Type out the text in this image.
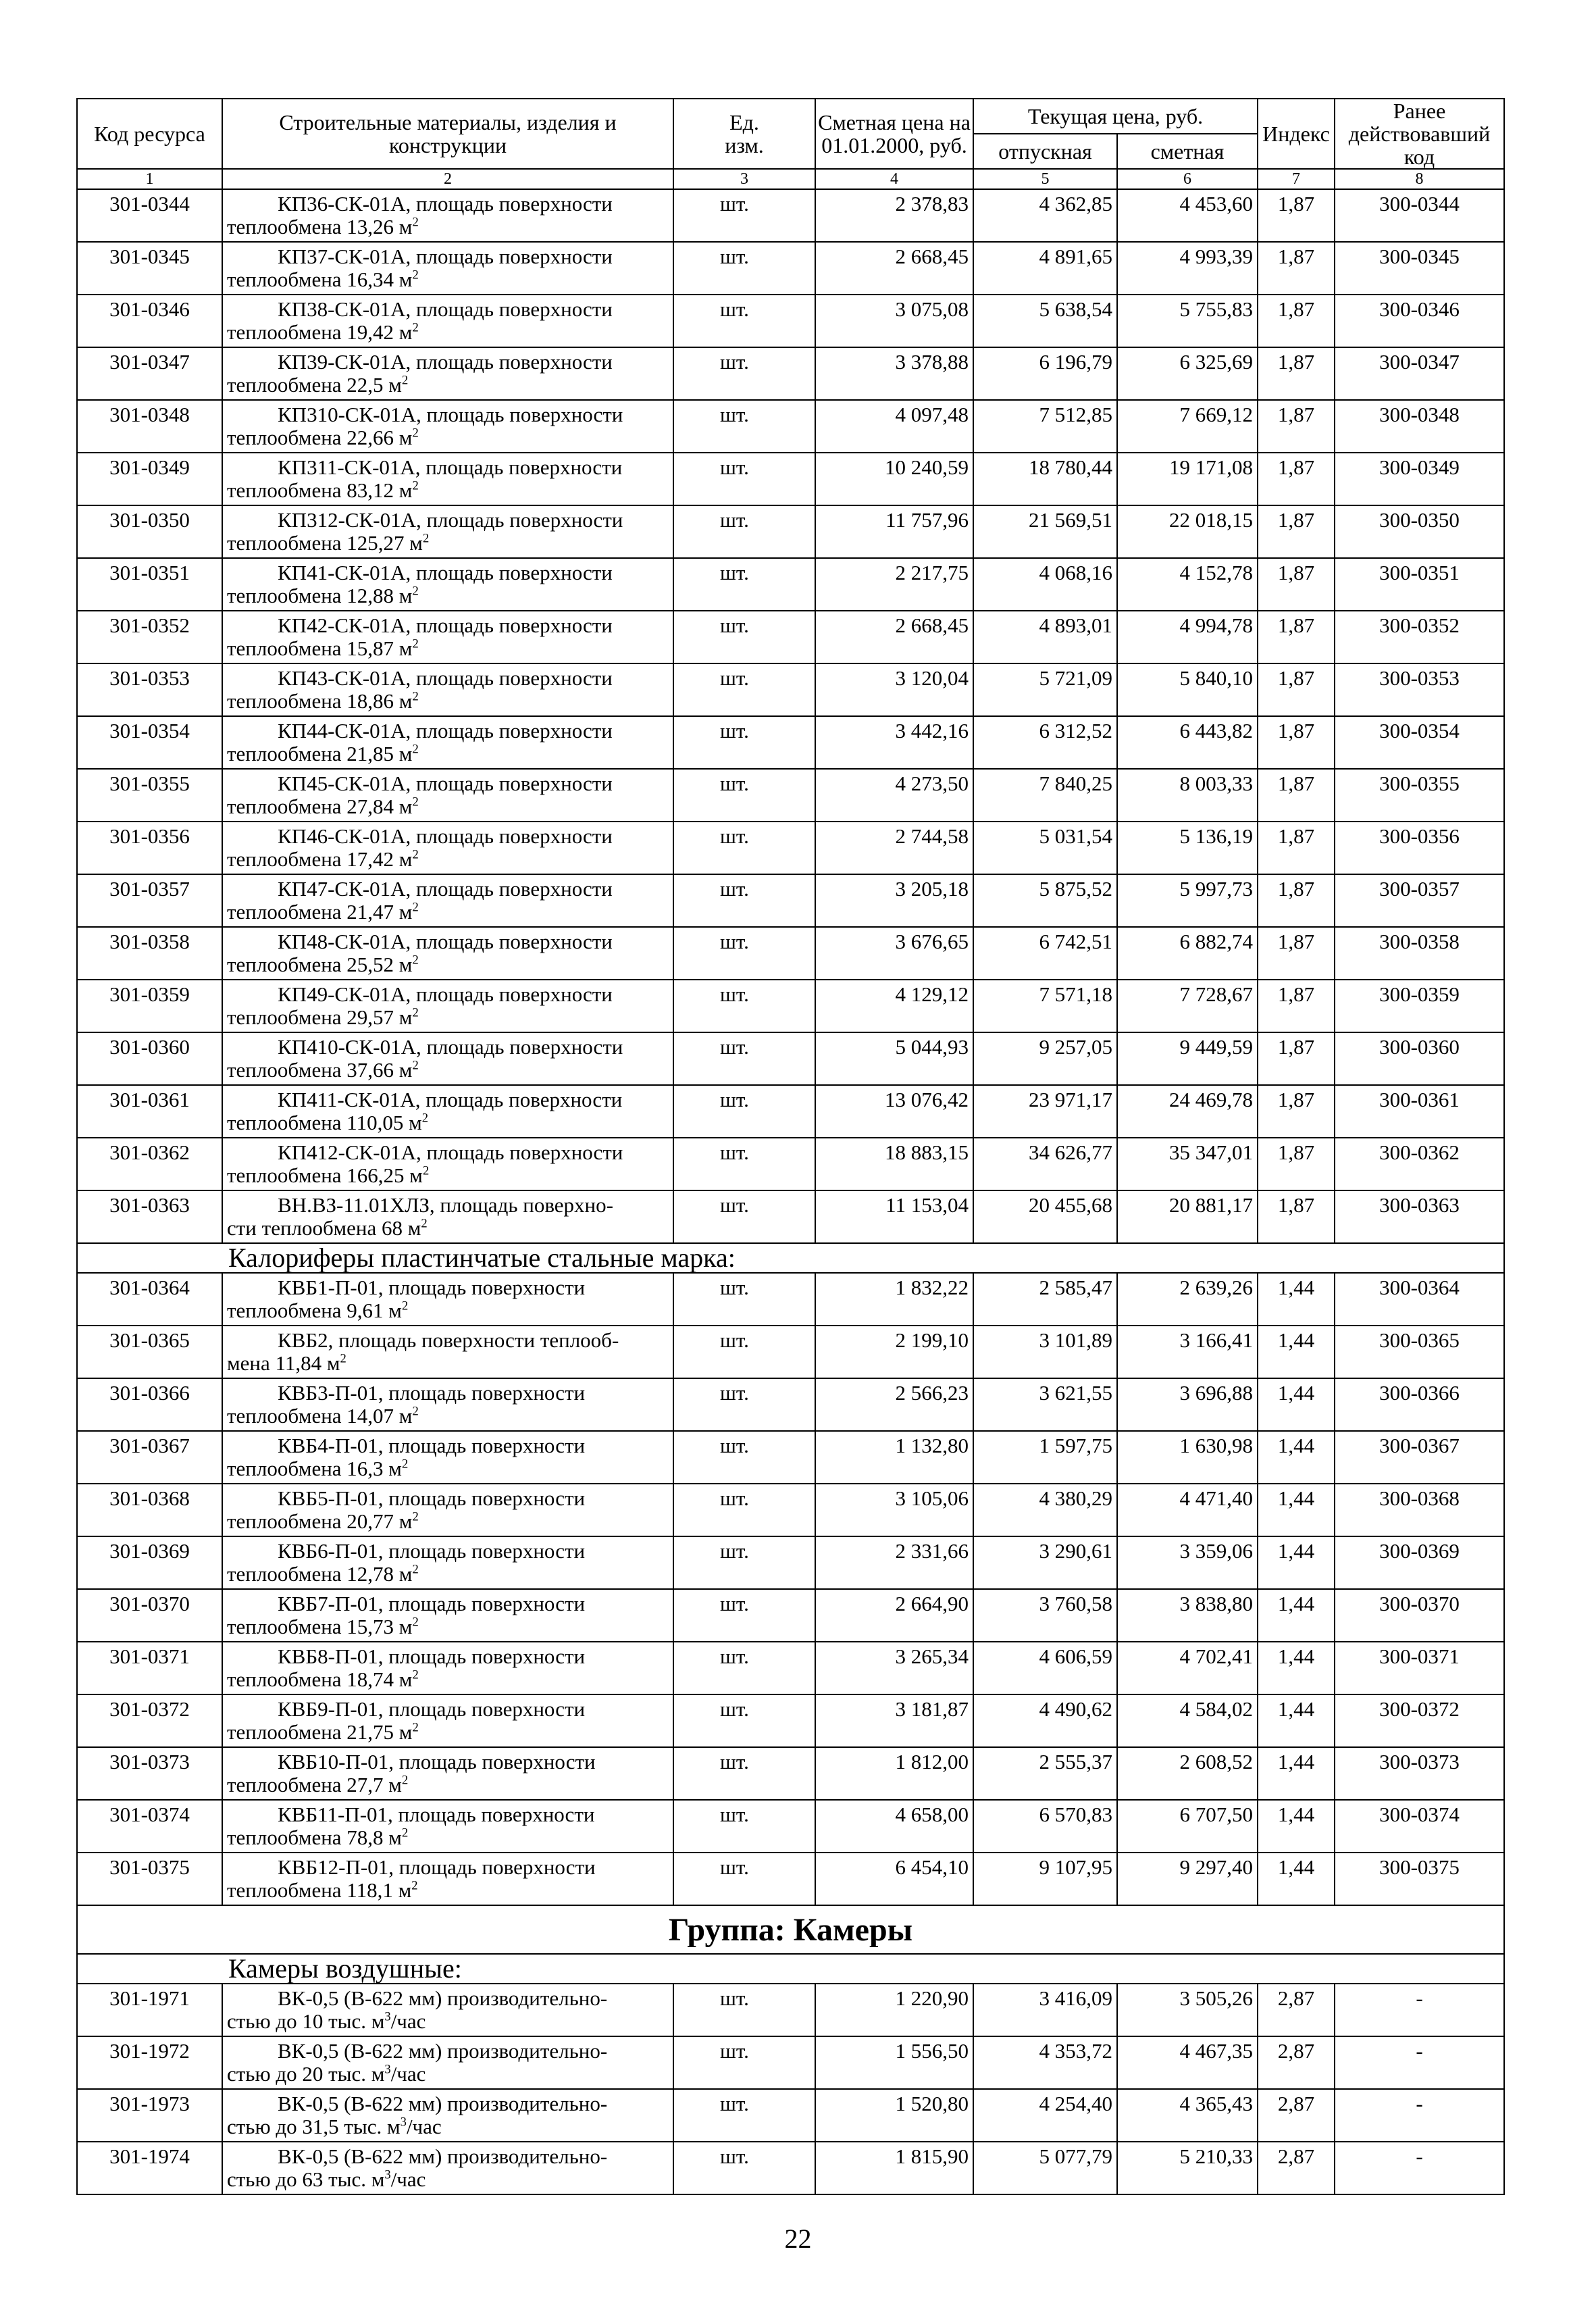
Код ресурса	Строительные материалы, изделия и конструкции	Ед. изм.	Сметная цена на 01.01.2000, руб.	Текущая цена, руб.		Индекс	Ранее действовавший код
				отпускная	сметная		
1	2	3	4	5	6	7	8
301-0344	КП36-СК-01А, площадь поверхности
теплообмена 13,26 $м^2$	шт.	2 378,83	4 362,85	4 453,60	1,87	300-0344
301-0345	КП37-СК-01А, площадь поверхности
теплообмена 16,34 $м^2$	шт.	2 668,45	4 891,65	4 993,39	1,87	300-0345
301-0346	КП38-СК-01А, площадь поверхности
теплообмена 19,42 $м^2$	шт.	3 075,08	5 638,54	5 755,83	1,87	300-0346
301-0347	КП39-СК-01А, площадь поверхности
теплообмена 22,5 $м^2$	шт.	3 378,88	6 196,79	6 325,69	1,87	300-0347
301-0348	КП310-СК-01А, площадь поверхности
теплообмена 22,66 $м^2$	шт.	4 097,48	7 512,85	7 669,12	1,87	300-0348
301-0349	КП311-СК-01А, площадь поверхности
теплообмена 83,12 $м^2$	шт.	10 240,59	18 780,44	19 171,08	1,87	300-0349
301-0350	КП312-СК-01А, площадь поверхности
теплообмена 125,27 $м^2$	шт.	11 757,96	21 569,51	22 018,15	1,87	300-0350
301-0351	КП41-СК-01А, площадь поверхности
теплообмена 12,88 $м^2$	шт.	2 217,75	4 068,16	4 152,78	1,87	300-0351
301-0352	КП42-СК-01А, площадь поверхности
теплообмена 15,87 $м^2$	шт.	2 668,45	4 893,01	4 994,78	1,87	300-0352
301-0353	КП43-СК-01А, площадь поверхности
теплообмена 18,86 $м^2$	шт.	3 120,04	5 721,09	5 840,10	1,87	300-0353
301-0354	КП44-СК-01А, площадь поверхности
теплообмена 21,85 $м^2$	шт.	3 442,16	6 312,52	6 443,82	1,87	300-0354
301-0355	КП45-СК-01А, площадь поверхности
теплообмена 27,84 $м^2$	шт.	4 273,50	7 840,25	8 003,33	1,87	300-0355
301-0356	КП46-СК-01А, площадь поверхности
теплообмена 17,42 $м^2$	шт.	2 744,58	5 031,54	5 136,19	1,87	300-0356
301-0357	КП47-СК-01А, площадь поверхности
теплообмена 21,47 $м^2$	шт.	3 205,18	5 875,52	5 997,73	1,87	300-0357
301-0358	КП48-СК-01А, площадь поверхности
теплообмена 25,52 $м^2$	шт.	3 676,65	6 742,51	6 882,74	1,87	300-0358
301-0359	КП49-СК-01А, площадь поверхности
теплообмена 29,57 $м^2$	шт.	4 129,12	7 571,18	7 728,67	1,87	300-0359
301-0360	КП410-СК-01А, площадь поверхности
теплообмена 37,66 $м^2$	шт.	5 044,93	9 257,05	9 449,59	1,87	300-0360
301-0361	КП411-СК-01А, площадь поверхности
теплообмена 110,05 $м^2$	шт.	13 076,42	23 971,17	24 469,78	1,87	300-0361
301-0362	КП412-СК-01А, площадь поверхности
теплообмена 166,25 $м^2$	шт.	18 883,15	34 626,77	35 347,01	1,87	300-0362
301-0363	ВН.ВЗ-11.01ХЛЗ, площадь поверхно-
сти теплообмена 68 $м^2$	шт.	11 153,04	20 455,68	20 881,17	1,87	300-0363
Калориферы пластинчатые стальные марка:							
301-0364	КВБ1-П-01, площадь поверхности
теплообмена 9,61 $м^2$	шт.	1 832,22	2 585,47	2 639,26	1,44	300-0364
301-0365	КВБ2, площадь поверхности теплооб-
мена 11,84 $м^2$	шт.	2 199,10	3 101,89	3 166,41	1,44	300-0365
301-0366	КВБ3-П-01, площадь поверхности
теплообмена 14,07 $м^2$	шт.	2 566,23	3 621,55	3 696,88	1,44	300-0366
301-0367	КВБ4-П-01, площадь поверхности
теплообмена 16,3 $м^2$	шт.	1 132,80	1 597,75	1 630,98	1,44	300-0367
301-0368	КВБ5-П-01, площадь поверхности
теплообмена 20,77 $м^2$	шт.	3 105,06	4 380,29	4 471,40	1,44	300-0368
301-0369	КВБ6-П-01, площадь поверхности
теплообмена 12,78 $м^2$	шт.	2 331,66	3 290,61	3 359,06	1,44	300-0369
301-0370	КВБ7-П-01, площадь поверхности
теплообмена 15,73 $м^2$	шт.	2 664,90	3 760,58	3 838,80	1,44	300-0370
301-0371	КВБ8-П-01, площадь поверхности
теплообмена 18,74 $м^2$	шт.	3 265,34	4 606,59	4 702,41	1,44	300-0371
301-0372	КВБ9-П-01, площадь поверхности
теплообмена 21,75 $м^2$	шт.	3 181,87	4 490,62	4 584,02	1,44	300-0372
301-0373	КВБ10-П-01, площадь поверхности
теплообмена 27,7 $м^2$	шт.	1 812,00	2 555,37	2 608,52	1,44	300-0373
301-0374	КВБ11-П-01, площадь поверхности
теплообмена 78,8 $м^2$	шт.	4 658,00	6 570,83	6 707,50	1,44	300-0374
301-0375	КВБ12-П-01, площадь поверхности
теплообмена 118,1 $м^2$	шт.	6 454,10	9 107,95	9 297,40	1,44	300-0375
Группа: Камеры							
Камеры воздушные:							
301-1971	ВК-0,5 (В-622 мм) производительно-
стью до 10 тыс. $м^3$/час	шт.	1 220,90	3 416,09	3 505,26	2,87	-
301-1972	ВК-0,5 (В-622 мм) производительно-
стью до 20 тыс. $м^3$/час	шт.	1 556,50	4 353,72	4 467,35	2,87	-
301-1973	ВК-0,5 (В-622 мм) производительно-
стью до 31,5 тыс. $м^3$/час	шт.	1 520,80	4 254,40	4 365,43	2,87	-
301-1974	ВК-0,5 (В-622 мм) производительно-
стью до 63 тыс. $м^3$/час	шт.	1 815,90	5 077,79	5 210,33	2,87	-
22
